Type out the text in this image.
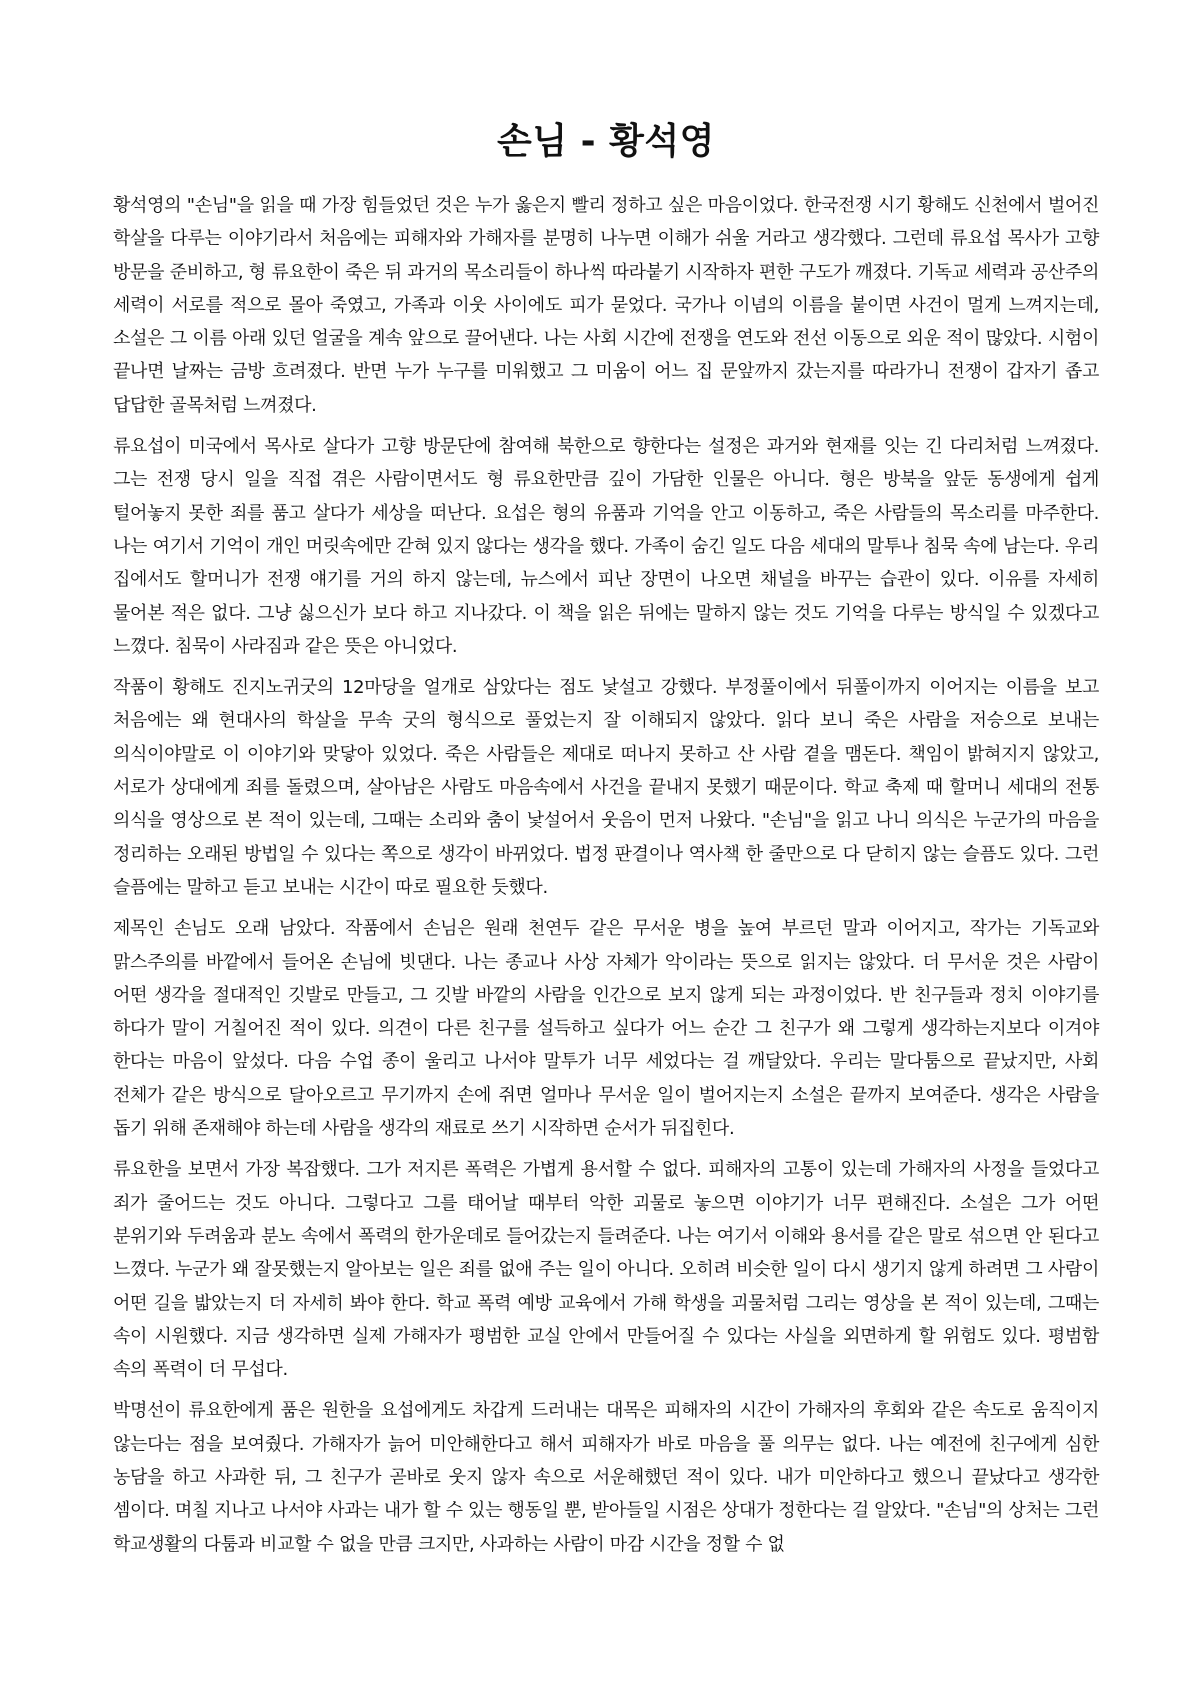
손님 - 황석영

황석영의 "손님"을 읽을 때 가장 힘들었던 것은 누가 옳은지 빨리 정하고 싶은 마음이었다. 한국전쟁 시기 황해도 신천에서 벌어진 학살을 다루는 이야기라서 처음에는 피해자와 가해자를 분명히 나누면 이해가 쉬울 거라고 생각했다. 그런데 류요섭 목사가 고향 방문을 준비하고, 형 류요한이 죽은 뒤 과거의 목소리들이 하나씩 따라붙기 시작하자 편한 구도가 깨졌다. 기독교 세력과 공산주의 세력이 서로를 적으로 몰아 죽였고, 가족과 이웃 사이에도 피가 묻었다. 국가나 이념의 이름을 붙이면 사건이 멀게 느껴지는데, 소설은 그 이름 아래 있던 얼굴을 계속 앞으로 끌어낸다. 나는 사회 시간에 전쟁을 연도와 전선 이동으로 외운 적이 많았다. 시험이 끝나면 날짜는 금방 흐려졌다. 반면 누가 누구를 미워했고 그 미움이 어느 집 문앞까지 갔는지를 따라가니 전쟁이 갑자기 좁고 답답한 골목처럼 느껴졌다.

류요섭이 미국에서 목사로 살다가 고향 방문단에 참여해 북한으로 향한다는 설정은 과거와 현재를 잇는 긴 다리처럼 느껴졌다. 그는 전쟁 당시 일을 직접 겪은 사람이면서도 형 류요한만큼 깊이 가담한 인물은 아니다. 형은 방북을 앞둔 동생에게 쉽게 털어놓지 못한 죄를 품고 살다가 세상을 떠난다. 요섭은 형의 유품과 기억을 안고 이동하고, 죽은 사람들의 목소리를 마주한다. 나는 여기서 기억이 개인 머릿속에만 갇혀 있지 않다는 생각을 했다. 가족이 숨긴 일도 다음 세대의 말투나 침묵 속에 남는다. 우리 집에서도 할머니가 전쟁 얘기를 거의 하지 않는데, 뉴스에서 피난 장면이 나오면 채널을 바꾸는 습관이 있다. 이유를 자세히 물어본 적은 없다. 그냥 싫으신가 보다 하고 지나갔다. 이 책을 읽은 뒤에는 말하지 않는 것도 기억을 다루는 방식일 수 있겠다고 느꼈다. 침묵이 사라짐과 같은 뜻은 아니었다.

작품이 황해도 진지노귀굿의 12마당을 얼개로 삼았다는 점도 낯설고 강했다. 부정풀이에서 뒤풀이까지 이어지는 이름을 보고 처음에는 왜 현대사의 학살을 무속 굿의 형식으로 풀었는지 잘 이해되지 않았다. 읽다 보니 죽은 사람을 저승으로 보내는 의식이야말로 이 이야기와 맞닿아 있었다. 죽은 사람들은 제대로 떠나지 못하고 산 사람 곁을 맴돈다. 책임이 밝혀지지 않았고, 서로가 상대에게 죄를 돌렸으며, 살아남은 사람도 마음속에서 사건을 끝내지 못했기 때문이다. 학교 축제 때 할머니 세대의 전통 의식을 영상으로 본 적이 있는데, 그때는 소리와 춤이 낯설어서 웃음이 먼저 나왔다. "손님"을 읽고 나니 의식은 누군가의 마음을 정리하는 오래된 방법일 수 있다는 쪽으로 생각이 바뀌었다. 법정 판결이나 역사책 한 줄만으로 다 닫히지 않는 슬픔도 있다. 그런 슬픔에는 말하고 듣고 보내는 시간이 따로 필요한 듯했다.

제목인 손님도 오래 남았다. 작품에서 손님은 원래 천연두 같은 무서운 병을 높여 부르던 말과 이어지고, 작가는 기독교와 맑스주의를 바깥에서 들어온 손님에 빗댄다. 나는 종교나 사상 자체가 악이라는 뜻으로 읽지는 않았다. 더 무서운 것은 사람이 어떤 생각을 절대적인 깃발로 만들고, 그 깃발 바깥의 사람을 인간으로 보지 않게 되는 과정이었다. 반 친구들과 정치 이야기를 하다가 말이 거칠어진 적이 있다. 의견이 다른 친구를 설득하고 싶다가 어느 순간 그 친구가 왜 그렇게 생각하는지보다 이겨야 한다는 마음이 앞섰다. 다음 수업 종이 울리고 나서야 말투가 너무 세었다는 걸 깨달았다. 우리는 말다툼으로 끝났지만, 사회 전체가 같은 방식으로 달아오르고 무기까지 손에 쥐면 얼마나 무서운 일이 벌어지는지 소설은 끝까지 보여준다. 생각은 사람을 돕기 위해 존재해야 하는데 사람을 생각의 재료로 쓰기 시작하면 순서가 뒤집힌다.

류요한을 보면서 가장 복잡했다. 그가 저지른 폭력은 가볍게 용서할 수 없다. 피해자의 고통이 있는데 가해자의 사정을 들었다고 죄가 줄어드는 것도 아니다. 그렇다고 그를 태어날 때부터 악한 괴물로 놓으면 이야기가 너무 편해진다. 소설은 그가 어떤 분위기와 두려움과 분노 속에서 폭력의 한가운데로 들어갔는지 들려준다. 나는 여기서 이해와 용서를 같은 말로 섞으면 안 된다고 느꼈다. 누군가 왜 잘못했는지 알아보는 일은 죄를 없애 주는 일이 아니다. 오히려 비슷한 일이 다시 생기지 않게 하려면 그 사람이 어떤 길을 밟았는지 더 자세히 봐야 한다. 학교 폭력 예방 교육에서 가해 학생을 괴물처럼 그리는 영상을 본 적이 있는데, 그때는 속이 시원했다. 지금 생각하면 실제 가해자가 평범한 교실 안에서 만들어질 수 있다는 사실을 외면하게 할 위험도 있다. 평범함 속의 폭력이 더 무섭다.

박명선이 류요한에게 품은 원한을 요섭에게도 차갑게 드러내는 대목은 피해자의 시간이 가해자의 후회와 같은 속도로 움직이지 않는다는 점을 보여줬다. 가해자가 늙어 미안해한다고 해서 피해자가 바로 마음을 풀 의무는 없다. 나는 예전에 친구에게 심한 농담을 하고 사과한 뒤, 그 친구가 곧바로 웃지 않자 속으로 서운해했던 적이 있다. 내가 미안하다고 했으니 끝났다고 생각한 셈이다. 며칠 지나고 나서야 사과는 내가 할 수 있는 행동일 뿐, 받아들일 시점은 상대가 정한다는 걸 알았다. "손님"의 상처는 그런 학교생활의 다툼과 비교할 수 없을 만큼 크지만, 사과하는 사람이 마감 시간을 정할 수 없
